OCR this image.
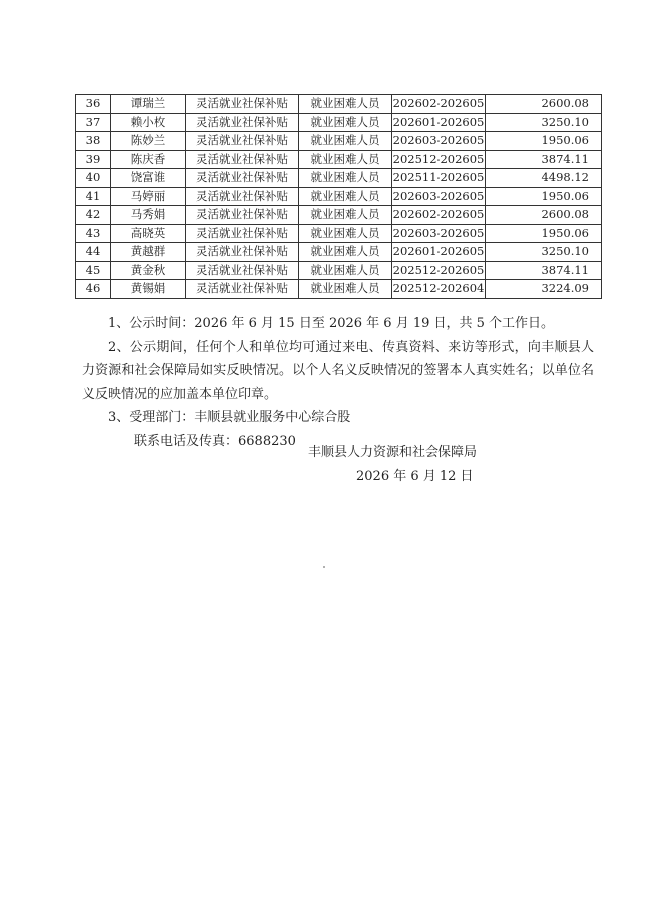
36	谭瑞兰	灵活就业社保补贴	就业困难人员	202602-202605	2600.08
37	赖小枚	灵活就业社保补贴	就业困难人员	202601-202605	3250.10
38	陈妙兰	灵活就业社保补贴	就业困难人员	202603-202605	1950.06
39	陈庆香	灵活就业社保补贴	就业困难人员	202512-202605	3874.11
40	饶富谁	灵活就业社保补贴	就业困难人员	202511-202605	4498.12
41	马婷丽	灵活就业社保补贴	就业困难人员	202603-202605	1950.06
42	马秀娟	灵活就业社保补贴	就业困难人员	202602-202605	2600.08
43	高晓英	灵活就业社保补贴	就业困难人员	202603-202605	1950.06
44	黄越群	灵活就业社保补贴	就业困难人员	202601-202605	3250.10
45	黄金秋	灵活就业社保补贴	就业困难人员	202512-202605	3874.11
46	黄锡娟	灵活就业社保补贴	就业困难人员	202512-202604	3224.09

1、公示时间：2026 年 6 月 15 日至 2026 年 6 月 19 日，共 5 个工作日。

2、公示期间，任何个人和单位均可通过来电、传真资料、来访等形式，向丰顺县人力资源和社会保障局如实反映情况。以个人名义反映情况的签署本人真实姓名；以单位名义反映情况的应加盖本单位印章。

3、受理部门：丰顺县就业服务中心综合股

联系电话及传真：6688230

丰顺县人力资源和社会保障局
2026 年 6 月 12 日
